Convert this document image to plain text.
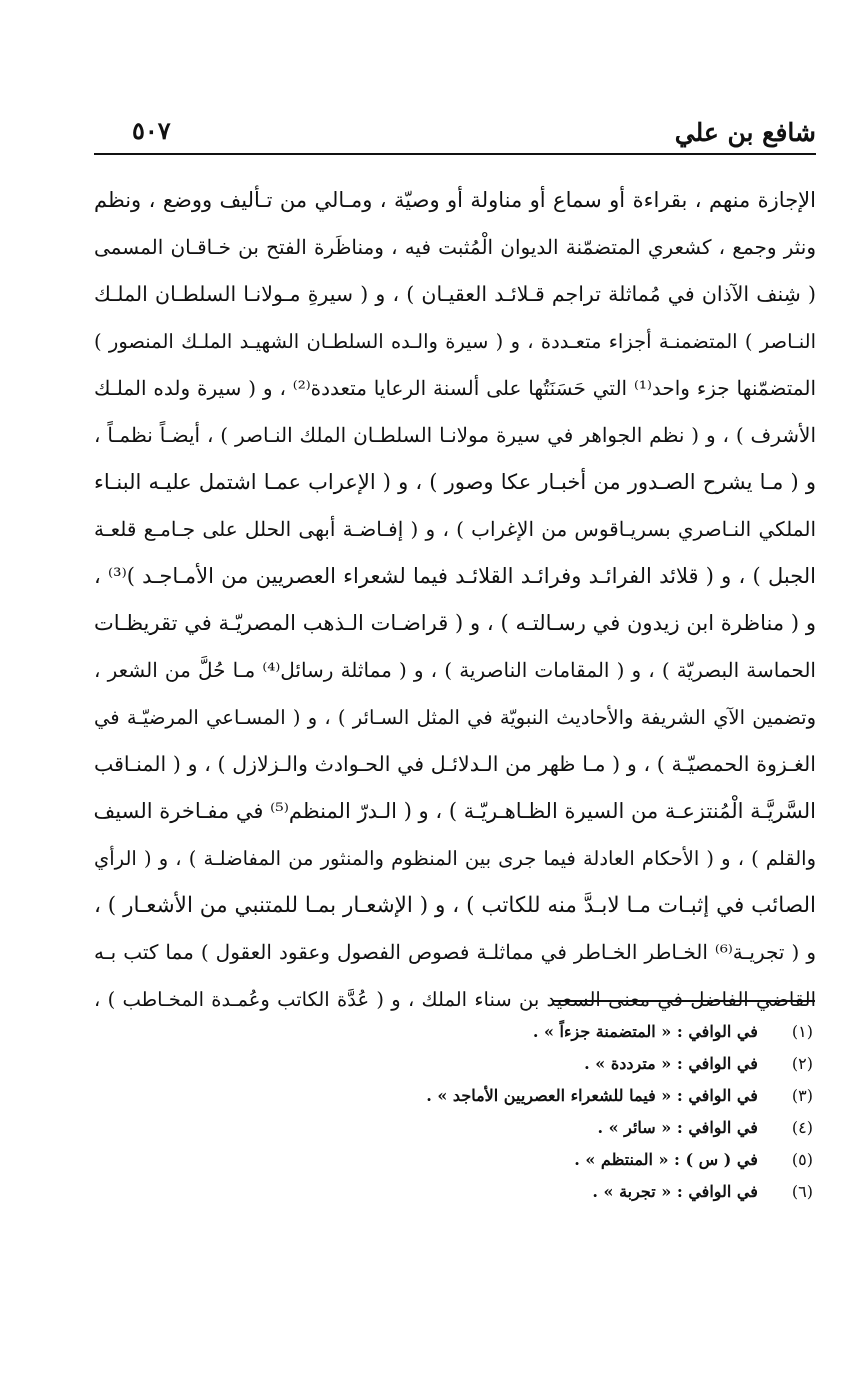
شافع بن علي
٥٠٧
الإجازة منهم ، بقراءة أو سماع أو مناولة أو وصيّة ، ومـالي من تـأليف ووضع ، ونظم
ونثر وجمع ، كشعري المتضمّنة الديوان الْمُثبت فيه ، ومناظَرة الفتح بن خـاقـان المسمى
( شِنف الآذان في مُماثلة تراجم قـلائـد العقيـان ) ، و ( سيرةِ مـولانـا السلطـان الملـك
النـاصر ) المتضمنـة أجزاء متعـددة ، و ( سيرة والـده السلطـان الشهيـد الملـك المنصور )
المتضمّنها جزء واحد⁽¹⁾ التي حَسَنَتُها على ألسنة الرعايا متعددة⁽²⁾ ، و ( سيرة ولده الملـك
الأشرف ) ، و ( نظم الجواهر في سيرة مولانـا السلطـان الملك النـاصر ) ، أيضـاً نظمـاً ،
و ( مـا يشرح الصـدور من أخبـار عكا وصور ) ، و ( الإعراب عمـا اشتمل عليـه البنـاء
الملكي النـاصري بسريـاقوس من الإغراب ) ، و ( إفـاضـة أبهى الحلل على جـامـع قلعـة
الجبل ) ، و ( قلائد الفرائـد وفرائـد القلائـد فيما لشعراء العصريين من الأمـاجـد )⁽³⁾ ،
و ( مناظرة ابن زيدون في رسـالتـه ) ، و ( قراضـات الـذهب المصريّـة في تقريظـات
الحماسة البصريّة ) ، و ( المقامات الناصرية ) ، و ( مماثلة رسائل⁽⁴⁾ مـا حُلَّ من الشعر ،
وتضمين الآي الشريفة والأحاديث النبويّة في المثل السـائر ) ، و ( المسـاعي المرضيّـة في
الغـزوة الحمصيّـة ) ، و ( مـا ظهر من الـدلائـل في الحـوادث والـزلازل ) ، و ( المنـاقب
السَّريَّـة الْمُنتزعـة من السيرة الظـاهـريّـة ) ، و ( الـدرّ المنظم⁽⁵⁾ في مفـاخرة السيف
والقلم ) ، و ( الأحكام العادلة فيما جرى بين المنظوم والمنثور من المفاضلـة ) ، و ( الرأي
الصائب في إثبـات مـا لابـدَّ منه للكاتب ) ، و ( الإشعـار بمـا للمتنبي من الأشعـار ) ،
و ( تجريـة⁽⁶⁾ الخـاطر الخـاطر في مماثلـة فصوص الفصول وعقود العقول ) مما كتب بـه
القاضي الفاضل في معنى السعيد بن سناء الملك ، و ( عُدَّة الكاتب وعُمـدة المخـاطب ) ،
(١) في الوافي : « المتضمنة جزءاً » .
(٢) في الوافي : « مترددة » .
(٣) في الوافي : « فيما للشعراء العصريين الأماجد » .
(٤) في الوافي : « سائر » .
(٥) في ( س ) : « المنتظم » .
(٦) في الوافي : « تجربة » .
